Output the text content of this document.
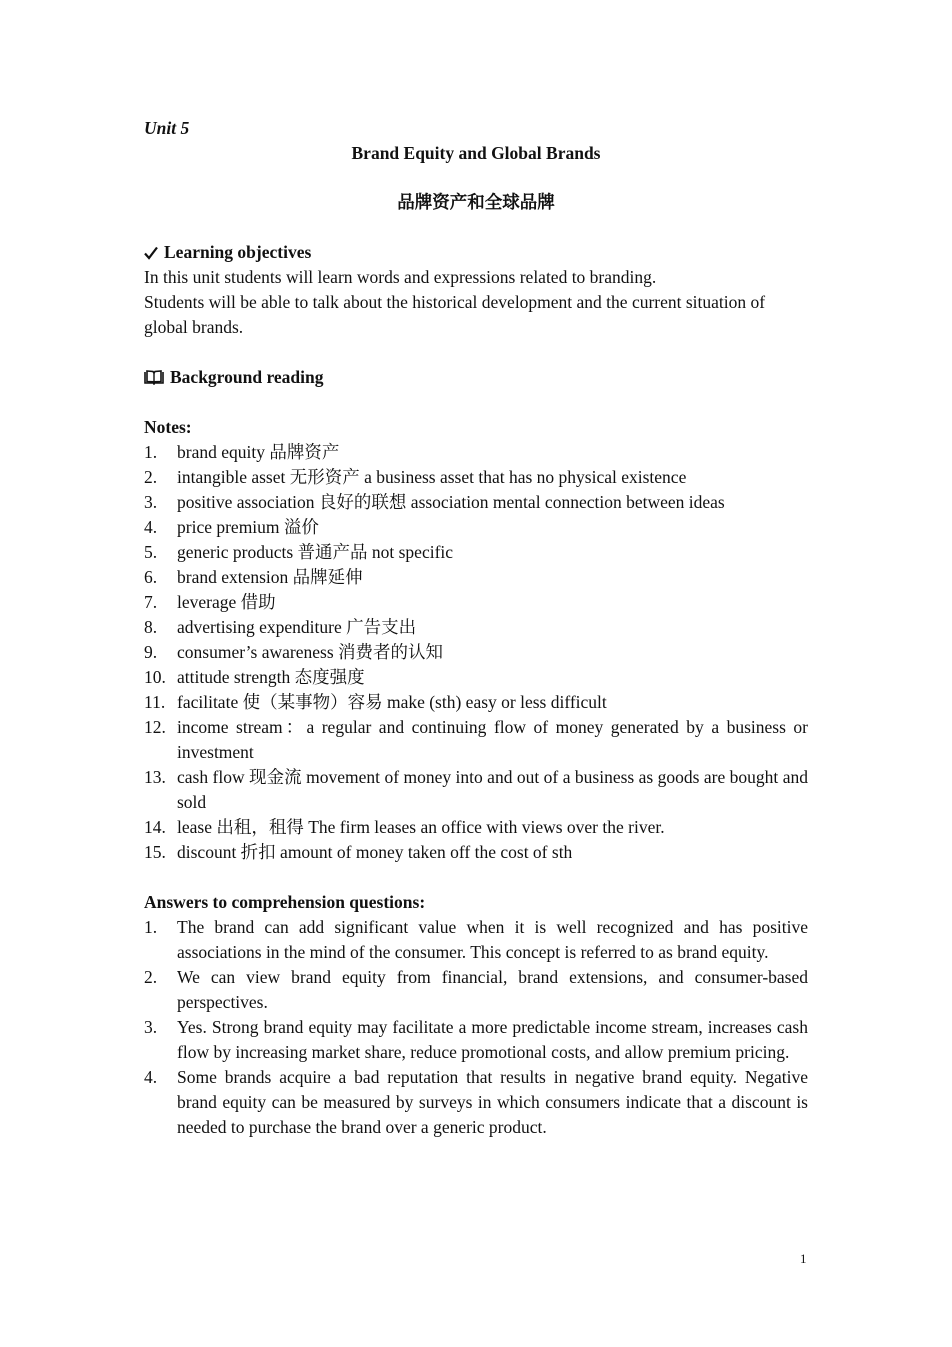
Unit 5
Brand Equity and Global Brands
品牌资产和全球品牌
Learning objectives
In this unit students will learn words and expressions related to branding.
Students will be able to talk about the historical development and the current situation of global brands.
Background reading
Notes:
1. brand equity 品牌资产
2. intangible asset 无形资产 a business asset that has no physical existence
3. positive association 良好的联想 association mental connection between ideas
4. price premium 溢价
5. generic products 普通产品 not specific
6. brand extension 品牌延伸
7. leverage 借助
8. advertising expenditure 广告支出
9. consumer’s awareness 消费者的认知
10. attitude strength 态度强度
11. facilitate 使（某事物）容易 make (sth) easy or less difficult
12. income stream：a regular and continuing flow of money generated by a business or investment
13. cash flow 现金流 movement of money into and out of a business as goods are bought and sold
14. lease 出租，租得 The firm leases an office with views over the river.
15. discount 折扣 amount of money taken off the cost of sth
Answers to comprehension questions:
1. The brand can add significant value when it is well recognized and has positive associations in the mind of the consumer. This concept is referred to as brand equity.
2. We can view brand equity from financial, brand extensions, and consumer-based perspectives.
3. Yes. Strong brand equity may facilitate a more predictable income stream, increases cash flow by increasing market share, reduce promotional costs, and allow premium pricing.
4. Some brands acquire a bad reputation that results in negative brand equity. Negative brand equity can be measured by surveys in which consumers indicate that a discount is needed to purchase the brand over a generic product.
1
